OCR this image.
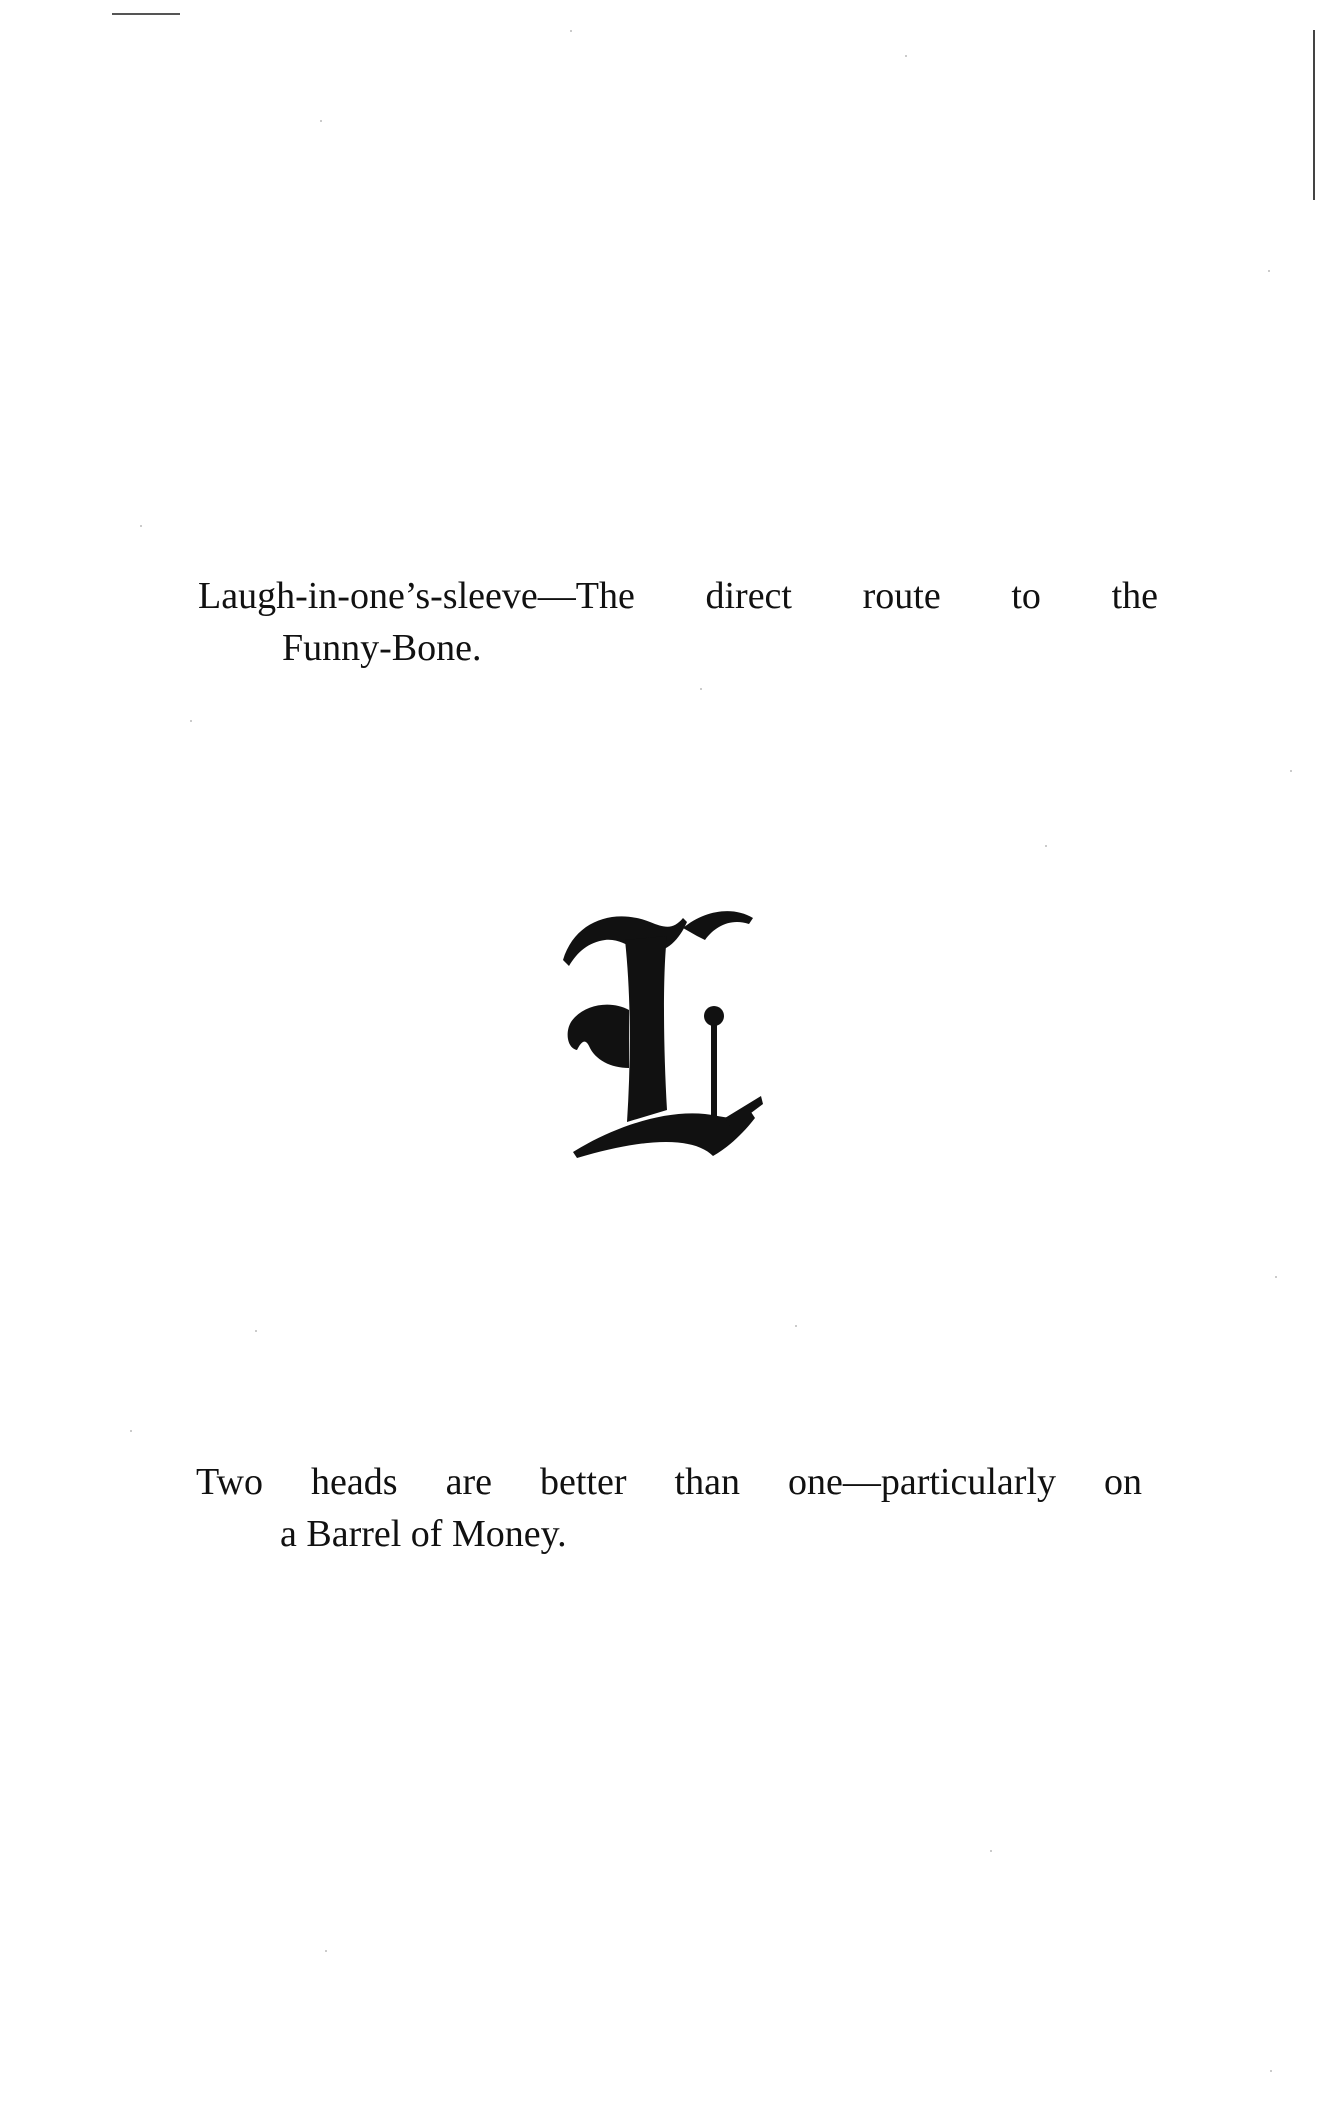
Laugh-in-one’s-sleeve—The direct route to the
Funny-Bone.

Two heads are better than one—particularly on
a Barrel of Money.
